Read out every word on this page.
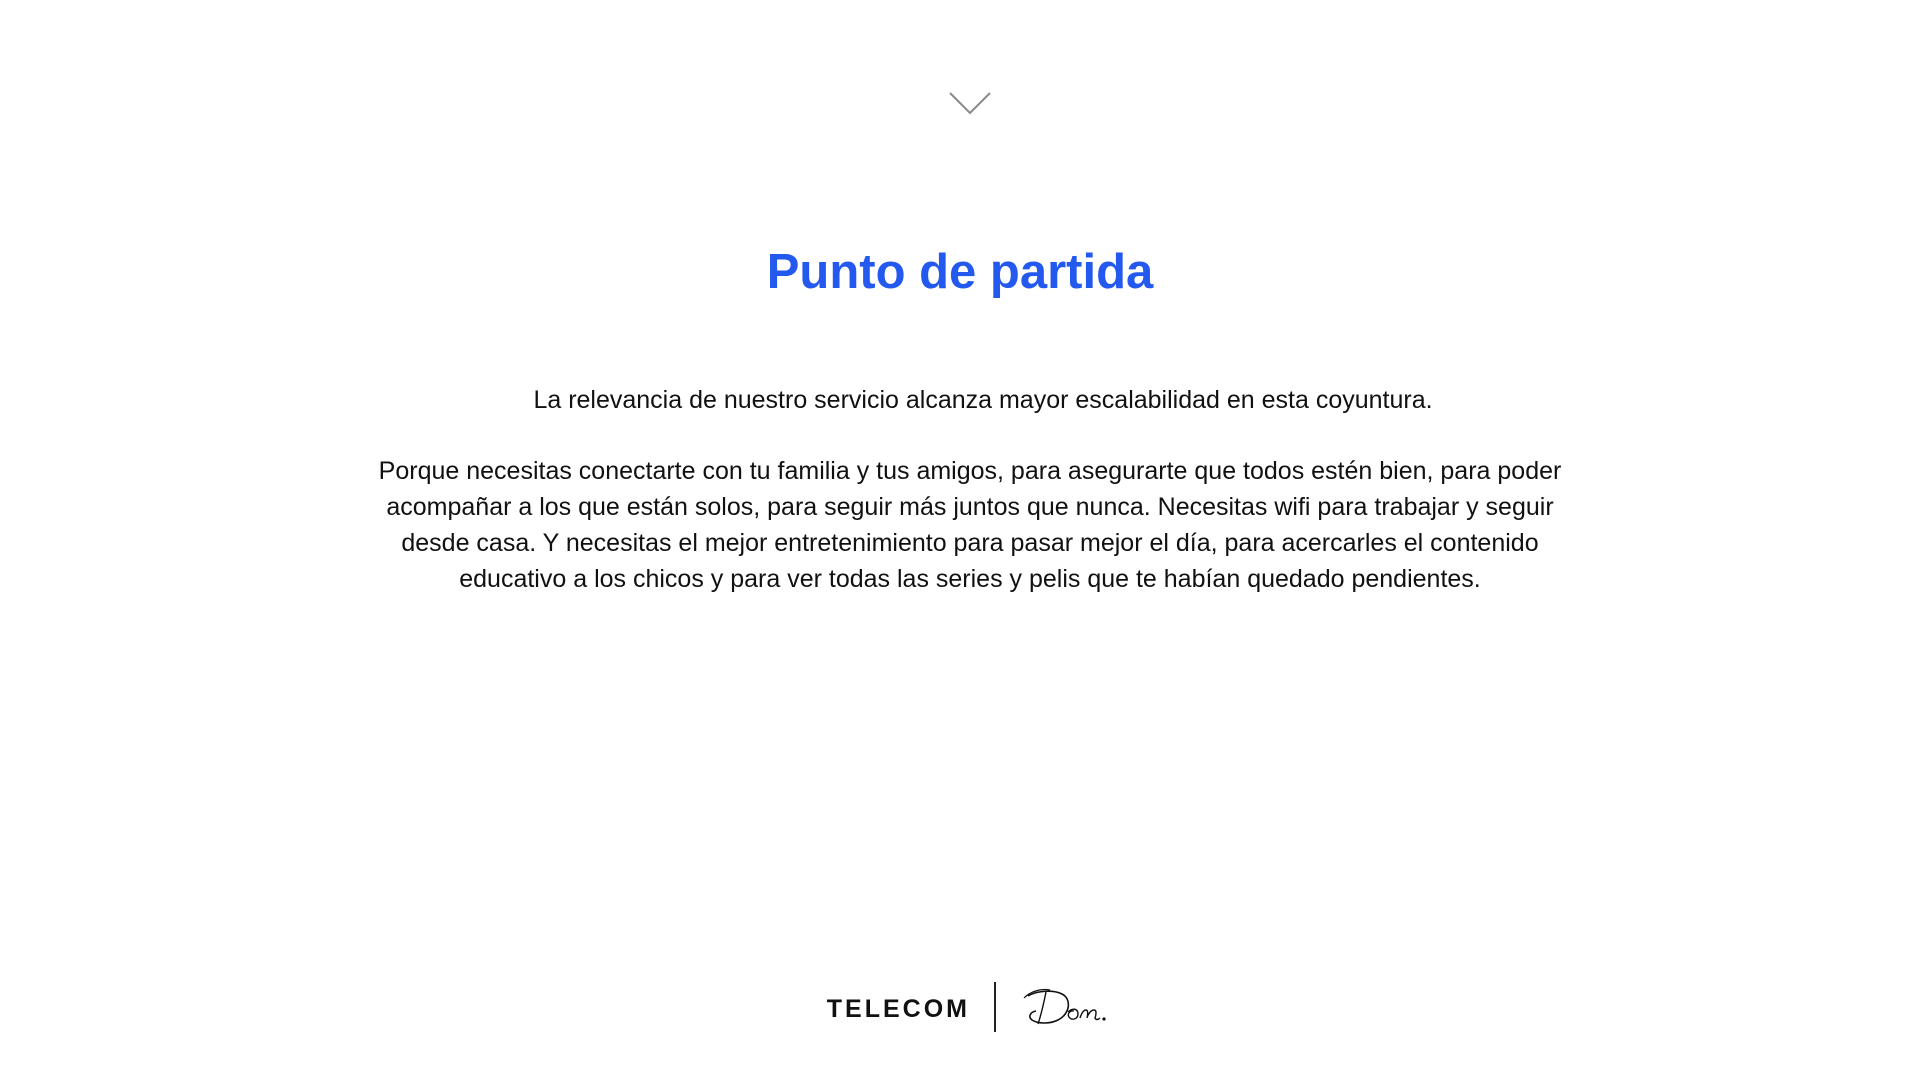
Punto de partida

La relevancia de nuestro servicio alcanza mayor escalabilidad en esta coyuntura.

Porque necesitas conectarte con tu familia y tus amigos, para asegurarte que todos estén bien, para poder acompañar a los que están solos, para seguir más juntos que nunca. Necesitas wifi para trabajar y seguir desde casa. Y necesitas el mejor entretenimiento para pasar mejor el día, para acercarles el contenido educativo a los chicos y para ver todas las series y pelis que te habían quedado pendientes.

TELECOM
